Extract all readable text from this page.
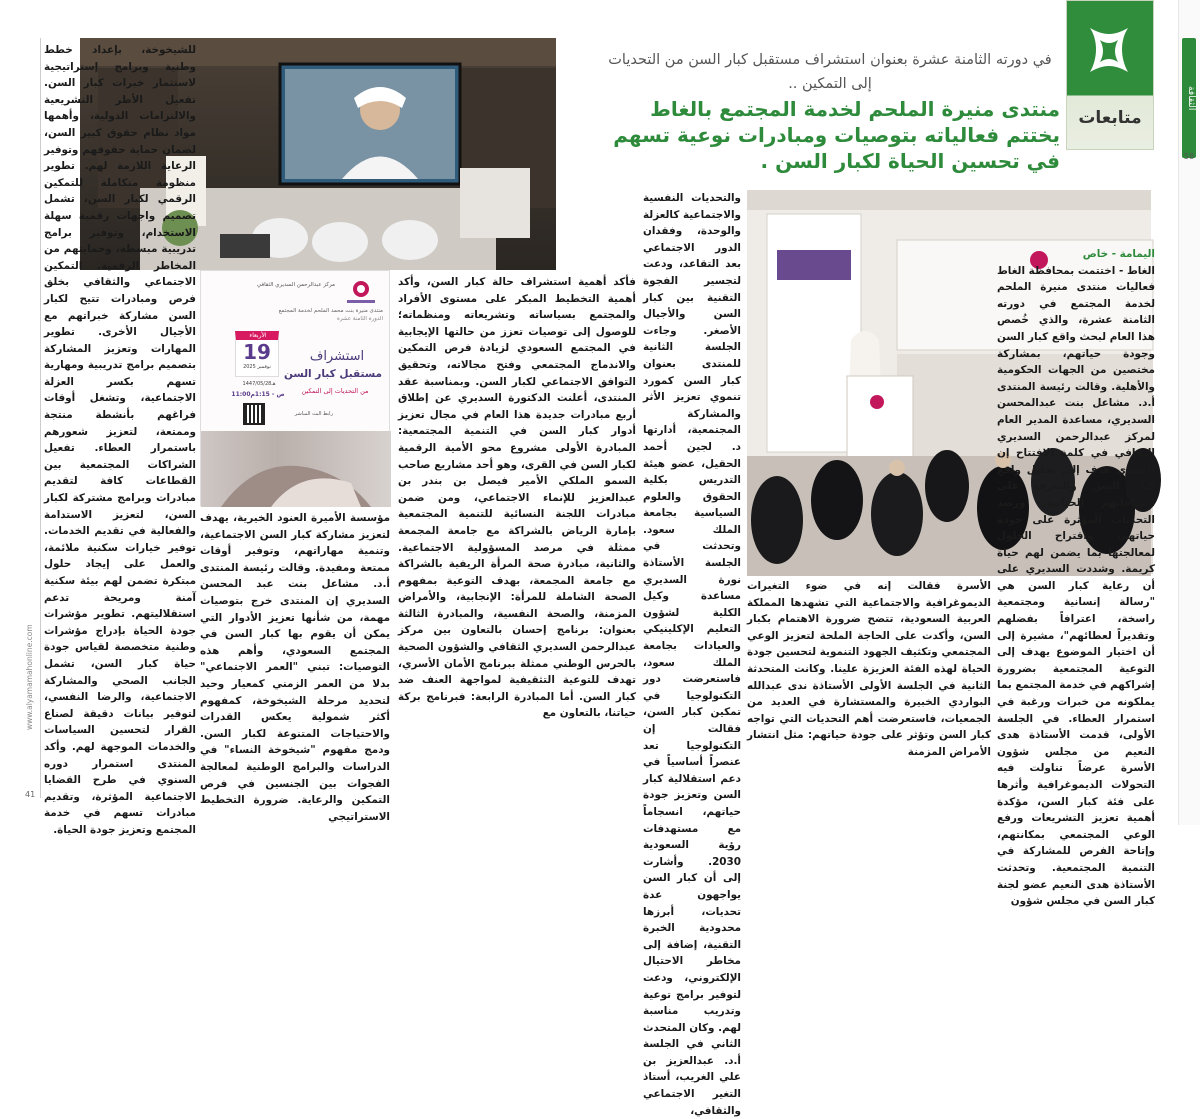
الثقافة
58
متابعات
في دورته الثامنة عشرة بعنوان استشراف مستقبل كبار السن من التحديات إلى التمكين ..
منتدى منيرة الملحم لخدمة المجتمع بالغاط يختتم فعالياته بتوصيات ومبادرات نوعية تسهم في تحسين الحياة لكبار السن .
مركز عبدالرحمن السديري الثقافي
منتدى منيرة بنت محمد الملحم لخدمة المجتمع
الدورة الثامنة عشرة
الأربعاء
19
نوفمبر 2025
1447/05/28هـ
11:00ص - 1:15م
استشراف
مستقبل كبار السن
من التحديات إلى التمكين
رابط البث المباشر

اليمامة - خاص

الغاط - اختتمت بمحافظة الغاط فعاليات منتدى منيرة الملحم لخدمة المجتمع في دورته الثامنة عشرة، والذي خُصص هذا العام لبحث واقع كبار السن وجودة حياتهم، بمشاركة مختصين من الجهات الحكومية والأهلية. وقالت رئيسة المنتدى أ.د. مشاعل بنت عبدالمحسن السديري، مساعدة المدير العام لمركز عبدالرحمن السديري الثقافي في كلمة الافتتاح إن المنتدى هدف إلى تحليل واقع كبار السن والتعرف على احتياجاتهم الحياتية، ورصد التحديات المؤثرة على جودة حياتهم، واقتراح الحلول لمعالجتها بما يضمن لهم حياة كريمة. وشددت السديري على أن رعاية كبار السن هي "رسالة إنسانية ومجتمعية راسخة، اعترافاً بفضلهم وتقديراً لعطائهم"، مشيرة إلى أن اختيار الموضوع يهدف إلى التوعية المجتمعية بضرورة إشراكهم في خدمة المجتمع بما يملكونه من خبرات ورغبة في استمرار العطاء. في الجلسة الأولى، قدمت الأستاذة هدى النعيم من مجلس شؤون الأسرة عرضاً تناولت فيه التحولات الديموغرافية وأثرها على فئة كبار السن، مؤكدة أهمية تعزيز التشريعات ورفع الوعي المجتمعي بمكانتهم، وإتاحة الفرص للمشاركة في التنمية المجتمعية. وتحدثت الأستاذة هدى النعيم عضو لجنة كبار السن في مجلس شؤون

والتحديات النفسية والاجتماعية كالعزلة والوحدة، وفقدان الدور الاجتماعي بعد التقاعد، ودعت لتجسير الفجوة التقنية بين كبار السن والأجيال الأصغر. وجاءت الجلسة الثانية للمنتدى بعنوان كبار السن كمورد تنموي تعزيز الأثر والمشاركة المجتمعية، أدارتها د. لجين أحمد الحقيل، عضو هيئة التدريس بكلية الحقوق والعلوم السياسية بجامعة الملك سعود. وتحدثت في الجلسة الأستاذة نورة السديري مساعدة وكيل الكلية لشؤون التعليم الإكلينيكي والعيادات بجامعة الملك سعود، فاستعرضت دور التكنولوجيا في تمكين كبار السن، فقالت إن التكنولوجيا تعد عنصراً أساسياً في دعم استقلالية كبار السن وتعزيز جودة حياتهم، انسجاماً مع مستهدفات رؤية السعودية 2030. وأشارت إلى أن كبار السن يواجهون عدة تحديات، أبرزها محدودية الخبرة التقنية، إضافة إلى مخاطر الاحتيال الإلكتروني، ودعت لتوفير برامج توعية وتدريب مناسبة لهم. وكان المتحدث الثاني في الجلسة أ.د. عبدالعزيز بن علي الغريب، أستاذ التغير الاجتماعي والثقافي،

الأسرة فقالت إنه في ضوء التغيرات الديموغرافية والاجتماعية التي تشهدها المملكة العربية السعودية، تتضح ضرورة الاهتمام بكبار السن، وأكدت على الحاجة الملحة لتعزيز الوعي المجتمعي وتكثيف الجهود التنموية لتحسين جودة الحياة لهذه الفئة العزيزة علينا. وكانت المتحدثة الثانية في الجلسة الأولى الأستاذة ندى عبدالله البواردي الخبيرة والمستشارة في العديد من الجمعيات، فاستعرضت أهم التحديات التي تواجه كبار السن وتؤثر على جودة حياتهم: مثل انتشار الأمراض المزمنة

فأكد أهمية استشراف حالة كبار السن، وأكد أهمية التخطيط المبكر على مستوى الأفراد والمجتمع بسياساته وتشريعاته ومنظماته؛ للوصول إلى توصيات تعزز من حالتها الإيجابية في المجتمع السعودي لزيادة فرص التمكين والاندماج المجتمعي وفتح مجالاته، وتحقيق التوافق الاجتماعي لكبار السن. وبمناسبة عقد المنتدى، أعلنت الدكتورة السديري عن إطلاق أربع مبادرات جديدة هذا العام في مجال تعزيز أدوار كبار السن في التنمية المجتمعية: المبادرة الأولى مشروع محو الأمية الرقمية لكبار السن في القرى، وهو أحد مشاريع صاحب السمو الملكي الأمير فيصل بن بندر بن عبدالعزيز للإنماء الاجتماعي، ومن ضمن مبادرات اللجنة النسائية للتنمية المجتمعية بإمارة الرياض بالشراكة مع جامعة المجمعة ممثلة في مرصد المسؤولية الاجتماعية. والثانية، مبادرة صحة المرأة الريفية بالشراكة مع جامعة المجمعة، بهدف التوعية بمفهوم الصحة الشاملة للمرأة: الإنجابية، والأمراض المزمنة، والصحة النفسية، والمبادرة الثالثة بعنوان: برنامج إحسان بالتعاون بين مركز عبدالرحمن السديري الثقافي والشؤون الصحية بالحرس الوطني ممثلة ببرنامج الأمان الأسري، تهدف للتوعية التثقيفية لمواجهة العنف ضد كبار السن. أما المبادرة الرابعة: فبرنامج بركة حياتنا، بالتعاون مع

مؤسسة الأميرة العنود الخيرية، يهدف لتعزيز مشاركة كبار السن الاجتماعية، وتنمية مهاراتهم، وتوفير أوقات ممتعة ومفيدة. وقالت رئيسة المنتدى أ.د. مشاعل بنت عبد المحسن السديري إن المنتدى خرج بتوصيات مهمة، من شأنها تعزيز الأدوار التي يمكن أن يقوم بها كبار السن في المجتمع السعودي، وأهم هذه التوصيات: تبني "العمر الاجتماعي" بدلا من العمر الزمني كمعيار وحيد لتحديد مرحلة الشيخوخة، كمفهوم أكثر شمولية يعكس القدرات والاحتياجات المتنوعة لكبار السن. ودمج مفهوم "شيخوخة النساء" في الدراسات والبرامج الوطنية لمعالجة الفجوات بين الجنسين في فرص التمكين والرعاية. ضرورة التخطيط الاستراتيجي

للشيخوخة، بإعداد خطط وطنية وبرامج إستراتيجية لاستثمار خبرات كبار السن. تفعيل الأطر التشريعية والالتزامات الدولية، وأهمها مواد نظام حقوق كبير السن، لضمان حماية حقوقهم وتوفير الرعاية اللازمة لهم. تطوير منظومة متكاملة للتمكين الرقمي لكبار السن، تشمل تصميم واجهات رقمية سهلة الاستخدام، وتوفير برامج تدريبية مبسطة، وحمايتهم من المخاطر الرقمية. التمكين الاجتماعي والثقافي بخلق فرص ومبادرات تتيح لكبار السن مشاركة خبراتهم مع الأجيال الأخرى. تطوير المهارات وتعزيز المشاركة بتصميم برامج تدريبية ومهارية تسهم بكسر العزلة الاجتماعية، وتشغل أوقات فراغهم بأنشطة منتجة وممتعة، لتعزيز شعورهم باستمرار العطاء. تفعيل الشراكات المجتمعية بين القطاعات كافة لتقديم مبادرات وبرامج مشتركة لكبار السن، لتعزيز الاستدامة والفعالية في تقديم الخدمات. توفير خيارات سكنية ملائمة، والعمل على إيجاد حلول مبتكرة تضمن لهم بيئة سكنية آمنة ومريحة تدعم استقلاليتهم. تطوير مؤشرات جودة الحياة بإدراج مؤشرات وطنية متخصصة لقياس جودة حياة كبار السن، تشمل الجانب الصحي والمشاركة الاجتماعية، والرضا النفسي، لتوفير بيانات دقيقة لصناع القرار لتحسين السياسات والخدمات الموجهة لهم. وأكد المنتدى استمرار دوره السنوي في طرح القضايا الاجتماعية المؤثرة، وتقديم مبادرات تسهم في خدمة المجتمع وتعزيز جودة الحياة.

www.alyamamahonline.com
41
